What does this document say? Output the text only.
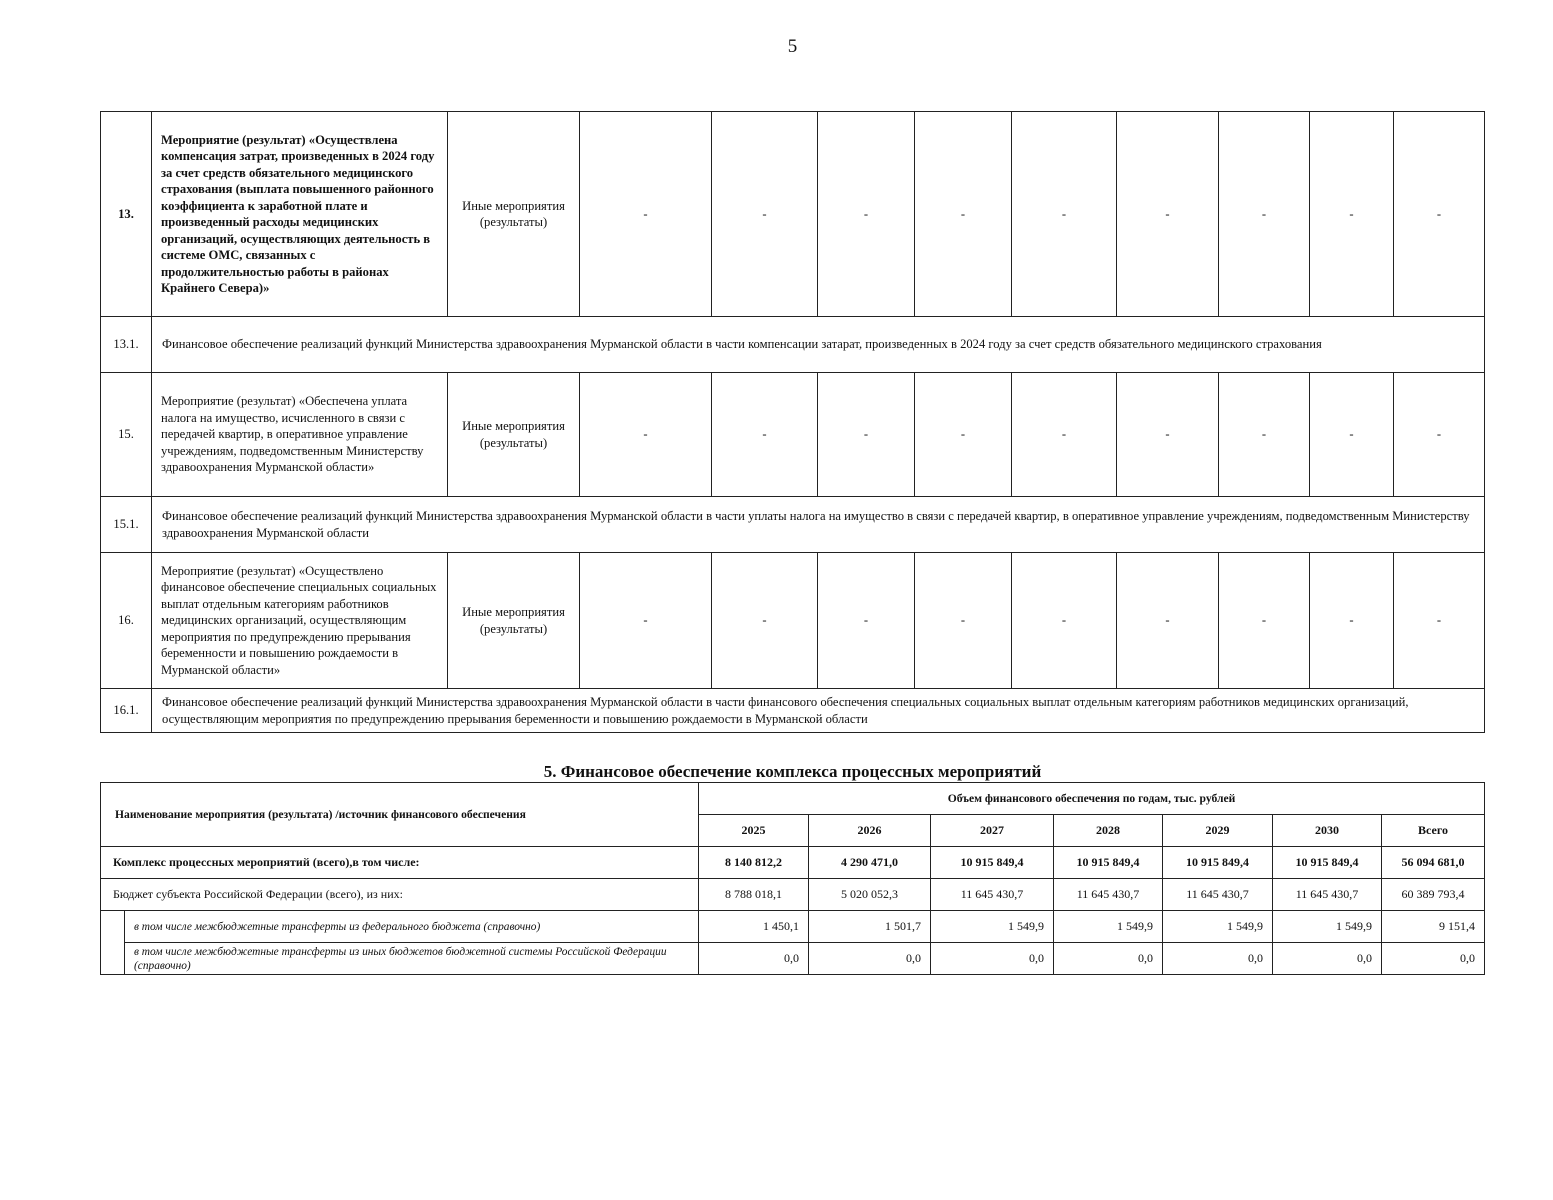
5
13.	Мероприятие (результат) «Осуществлена компенсация затрат, произведенных в 2024 году за счет средств обязательного медицинского страхования (выплата повышенного районного коэффициента к заработной плате и произведенный расходы медицинских организаций, осуществляющих деятельность в системе ОМС, связанных с продолжительностью работы в районах Крайнего Севера)»	Иные мероприятия (результаты)	-	-	-	-	-	-	-	-	-
13.1.	Финансовое обеспечение реализаций функций Министерства здравоохранения Мурманской области в части компенсации затарат, произведенных в 2024 году за счет средств обязательного медицинского страхования										
15.	Мероприятие (результат) «Обеспечена уплата налога на имущество, исчисленного в связи с передачей квартир, в оперативное управление учреждениям, подведомственным Министерству здравоохранения Мурманской области»	Иные мероприятия (результаты)	-	-	-	-	-	-	-	-	-
15.1.	Финансовое обеспечение реализаций функций Министерства здравоохранения Мурманской области в части уплаты налога на имущество в связи с передачей квартир, в оперативное управление учреждениям, подведомственным Министерству здравоохранения Мурманской области										
16.	Мероприятие (результат) «Осуществлено финансовое обеспечение специальных социальных выплат отдельным категориям работников медицинских организаций, осуществляющим мероприятия по предупреждению прерывания беременности и повышению рождаемости в Мурманской области»	Иные мероприятия (результаты)	-	-	-	-	-	-	-	-	-
16.1.	Финансовое обеспечение реализаций функций Министерства здравоохранения Мурманской области в части финансового обеспечения специальных социальных выплат отдельным категориям работников медицинских организаций, осуществляющим мероприятия по предупреждению прерывания беременности и повышению рождаемости в Мурманской области										
5. Финансовое обеспечение комплекса процессных мероприятий
Наименование мероприятия (результата) /источник финансового обеспечения		Объем финансового обеспечения по годам, тыс. рублей						
		2025	2026	2027	2028	2029	2030	Всего
Комплекс процессных мероприятий (всего),в том числе:		8 140 812,2	4 290 471,0	10 915 849,4	10 915 849,4	10 915 849,4	10 915 849,4	56 094 681,0
Бюджет субъекта Российской Федерации (всего), из них:		8 788 018,1	5 020 052,3	11 645 430,7	11 645 430,7	11 645 430,7	11 645 430,7	60 389 793,4
	в том числе межбюджетные трансферты из федерального бюджета (справочно)	1 450,1	1 501,7	1 549,9	1 549,9	1 549,9	1 549,9	9 151,4
	в том числе межбюджетные трансферты из иных бюджетов бюджетной системы Российской Федерации (справочно)	0,0	0,0	0,0	0,0	0,0	0,0	0,0
